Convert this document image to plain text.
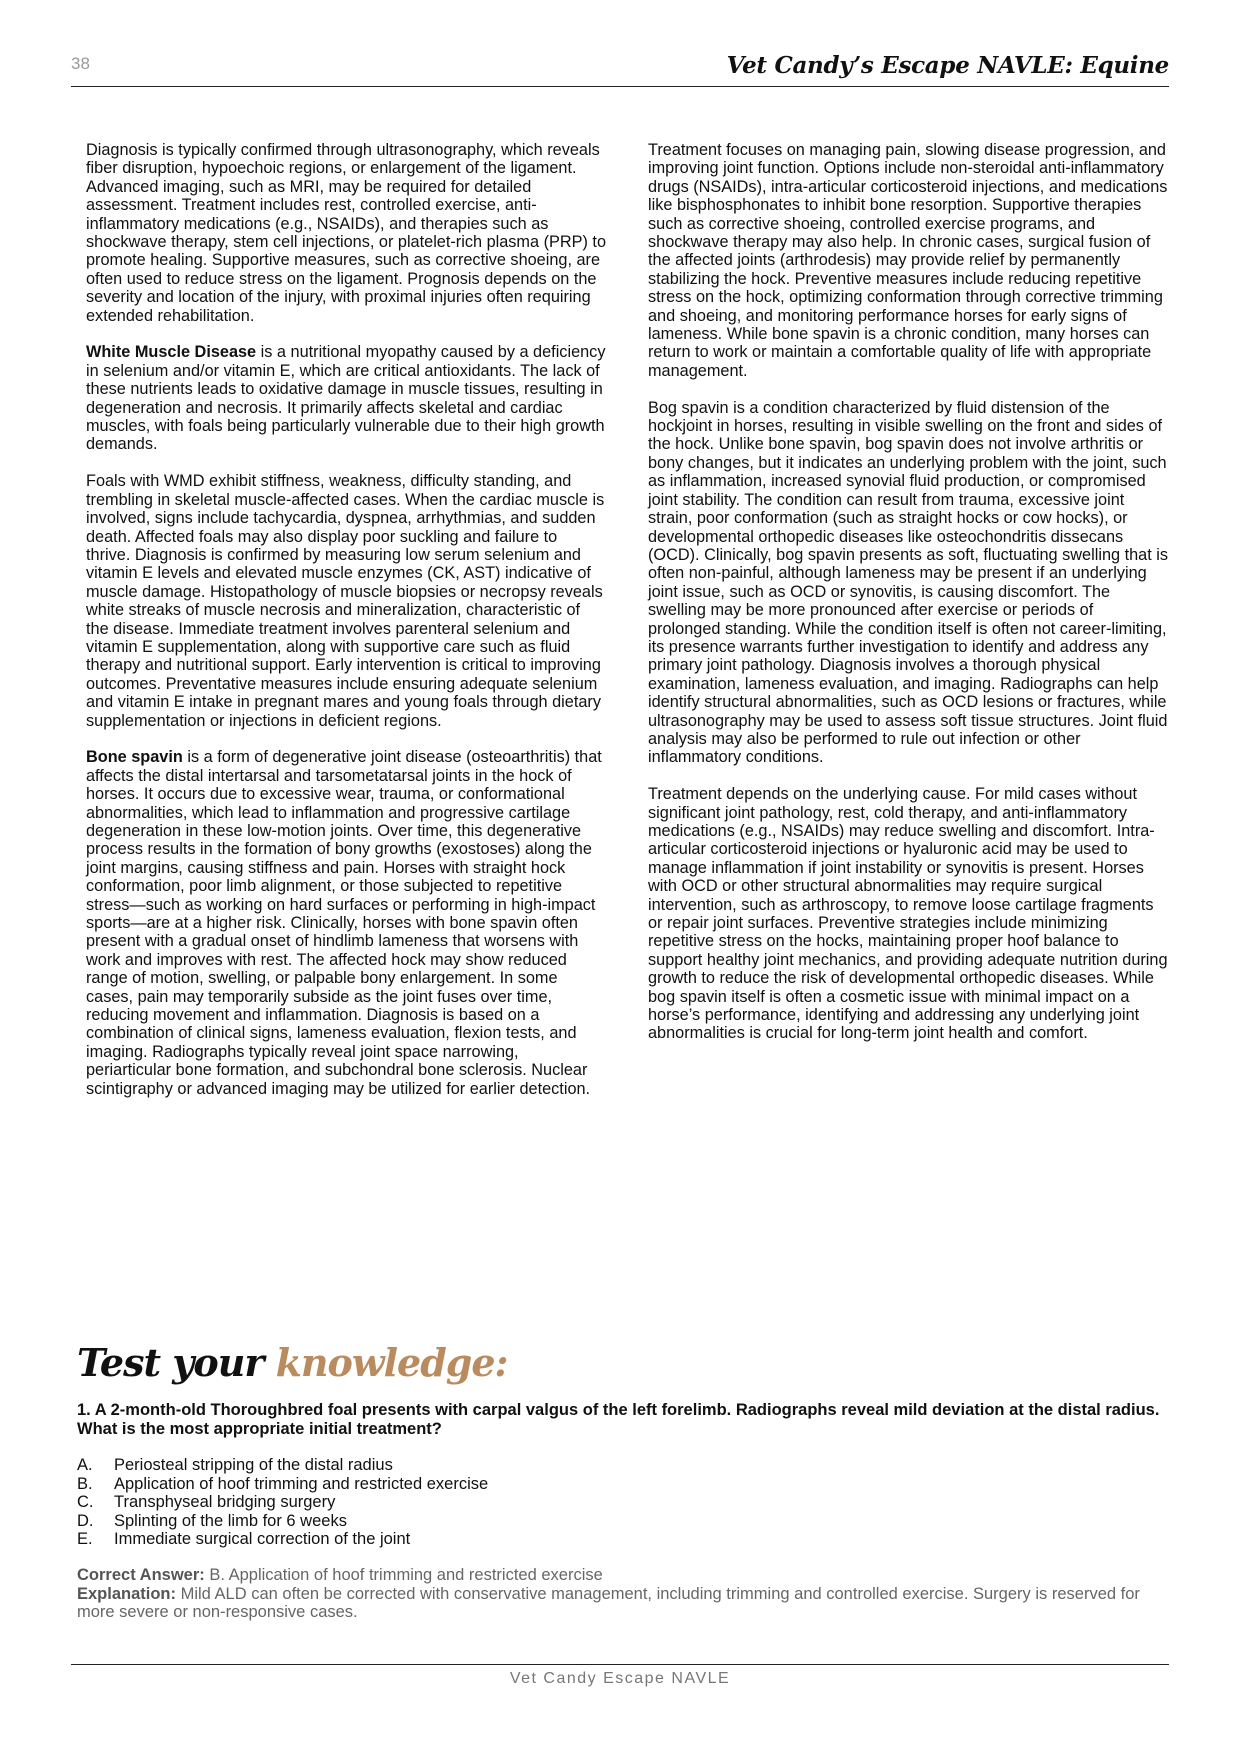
38	Vet Candy’s Escape NAVLE: Equine

Diagnosis is typically confirmed through ultrasonography, which reveals fiber disruption, hypoechoic regions, or enlargement of the ligament. Advanced imaging, such as MRI, may be required for detailed assessment. Treatment includes rest, controlled exercise, anti-inflammatory medications (e.g., NSAIDs), and therapies such as shockwave therapy, stem cell injections, or platelet-rich plasma (PRP) to promote healing. Supportive measures, such as corrective shoeing, are often used to reduce stress on the ligament. Prognosis depends on the severity and location of the injury, with proximal injuries often requiring extended rehabilitation.

White Muscle Disease is a nutritional myopathy caused by a deficiency in selenium and/or vitamin E, which are critical antioxidants. The lack of these nutrients leads to oxidative damage in muscle tissues, resulting in degeneration and necrosis. It primarily affects skeletal and cardiac muscles, with foals being particularly vulnerable due to their high growth demands.

Foals with WMD exhibit stiffness, weakness, difficulty standing, and trembling in skeletal muscle-affected cases. When the cardiac muscle is involved, signs include tachycardia, dyspnea, arrhythmias, and sudden death. Affected foals may also display poor suckling and failure to thrive. Diagnosis is confirmed by measuring low serum selenium and vitamin E levels and elevated muscle enzymes (CK, AST) indicative of muscle damage. Histopathology of muscle biopsies or necropsy reveals white streaks of muscle necrosis and mineralization, characteristic of the disease. Immediate treatment involves parenteral selenium and vitamin E supplementation, along with supportive care such as fluid therapy and nutritional support. Early intervention is critical to improving outcomes. Preventative measures include ensuring adequate selenium and vitamin E intake in pregnant mares and young foals through dietary supplementation or injections in deficient regions.

Bone spavin is a form of degenerative joint disease (osteoarthritis) that affects the distal intertarsal and tarsometatarsal joints in the hock of horses. It occurs due to excessive wear, trauma, or conformational abnormalities, which lead to inflammation and progressive cartilage degeneration in these low-motion joints. Over time, this degenerative process results in the formation of bony growths (exostoses) along the joint margins, causing stiffness and pain. Horses with straight hock conformation, poor limb alignment, or those subjected to repetitive stress—such as working on hard surfaces or performing in high-impact sports—are at a higher risk. Clinically, horses with bone spavin often present with a gradual onset of hindlimb lameness that worsens with work and improves with rest. The affected hock may show reduced range of motion, swelling, or palpable bony enlargement. In some cases, pain may temporarily subside as the joint fuses over time, reducing movement and inflammation. Diagnosis is based on a combination of clinical signs, lameness evaluation, flexion tests, and imaging. Radiographs typically reveal joint space narrowing, periarticular bone formation, and subchondral bone sclerosis. Nuclear scintigraphy or advanced imaging may be utilized for earlier detection.

Treatment focuses on managing pain, slowing disease progression, and improving joint function. Options include non-steroidal anti-inflammatory drugs (NSAIDs), intra-articular corticosteroid injections, and medications like bisphosphonates to inhibit bone resorption. Supportive therapies such as corrective shoeing, controlled exercise programs, and shockwave therapy may also help. In chronic cases, surgical fusion of the affected joints (arthrodesis) may provide relief by permanently stabilizing the hock. Preventive measures include reducing repetitive stress on the hock, optimizing conformation through corrective trimming and shoeing, and monitoring performance horses for early signs of lameness. While bone spavin is a chronic condition, many horses can return to work or maintain a comfortable quality of life with appropriate management.

Bog spavin is a condition characterized by fluid distension of the hockjoint in horses, resulting in visible swelling on the front and sides of the hock. Unlike bone spavin, bog spavin does not involve arthritis or bony changes, but it indicates an underlying problem with the joint, such as inflammation, increased synovial fluid production, or compromised joint stability. The condition can result from trauma, excessive joint strain, poor conformation (such as straight hocks or cow hocks), or developmental orthopedic diseases like osteochondritis dissecans (OCD). Clinically, bog spavin presents as soft, fluctuating swelling that is often non-painful, although lameness may be present if an underlying joint issue, such as OCD or synovitis, is causing discomfort. The swelling may be more pronounced after exercise or periods of prolonged standing. While the condition itself is often not career-limiting, its presence warrants further investigation to identify and address any primary joint pathology. Diagnosis involves a thorough physical examination, lameness evaluation, and imaging. Radiographs can help identify structural abnormalities, such as OCD lesions or fractures, while ultrasonography may be used to assess soft tissue structures. Joint fluid analysis may also be performed to rule out infection or other inflammatory conditions.

Treatment depends on the underlying cause. For mild cases without significant joint pathology, rest, cold therapy, and anti-inflammatory medications (e.g., NSAIDs) may reduce swelling and discomfort. Intra-articular corticosteroid injections or hyaluronic acid may be used to manage inflammation if joint instability or synovitis is present. Horses with OCD or other structural abnormalities may require surgical intervention, such as arthroscopy, to remove loose cartilage fragments or repair joint surfaces. Preventive strategies include minimizing repetitive stress on the hocks, maintaining proper hoof balance to support healthy joint mechanics, and providing adequate nutrition during growth to reduce the risk of developmental orthopedic diseases. While bog spavin itself is often a cosmetic issue with minimal impact on a horse’s performance, identifying and addressing any underlying joint abnormalities is crucial for long-term joint health and comfort.

Test your knowledge:
1. A 2-month-old Thoroughbred foal presents with carpal valgus of the left forelimb. Radiographs reveal mild deviation at the distal radius. What is the most appropriate initial treatment?
A.	Periosteal stripping of the distal radius
B.	Application of hoof trimming and restricted exercise
C.	Transphyseal bridging surgery
D.	Splinting of the limb for 6 weeks
E.	Immediate surgical correction of the joint
Correct Answer: B. Application of hoof trimming and restricted exercise
Explanation: Mild ALD can often be corrected with conservative management, including trimming and controlled exercise. Surgery is reserved for more severe or non-responsive cases.
Vet Candy Escape NAVLE
